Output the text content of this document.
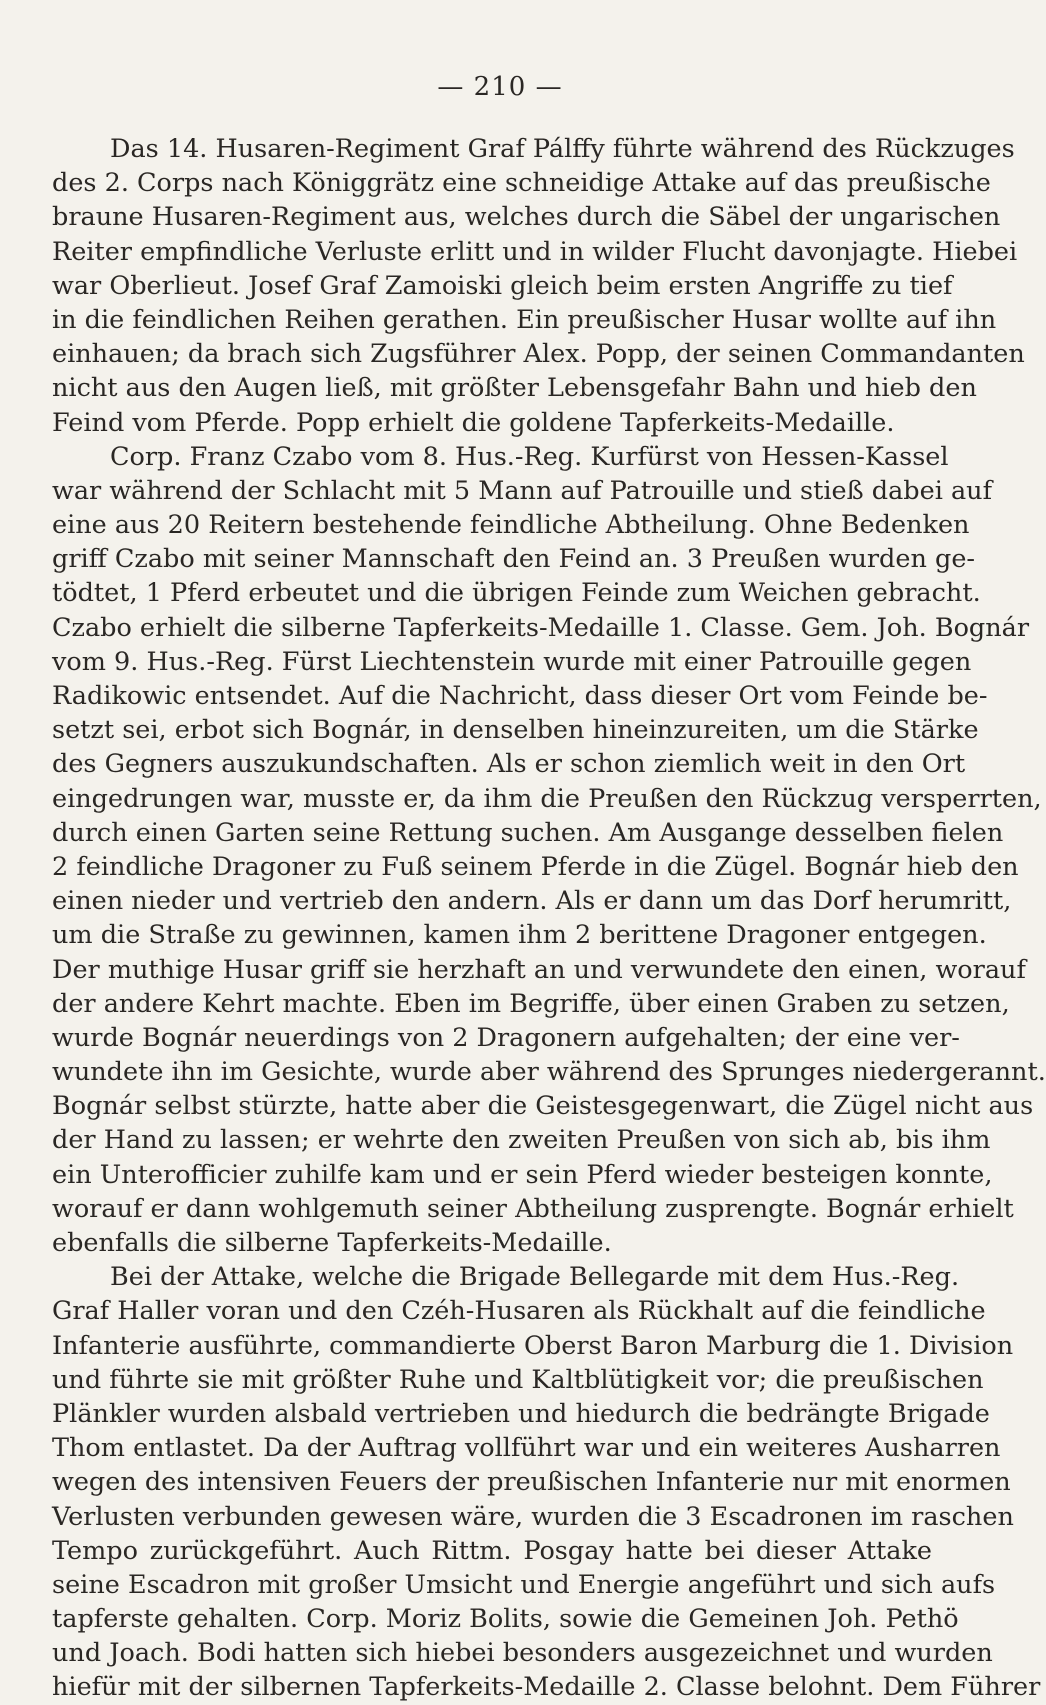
— 210 —
Das 14. Husaren-Regiment Graf Pálffy führte während des Rückzuges
des 2. Corps nach Königgrätz eine schneidige Attake auf das preußische
braune Husaren-Regiment aus, welches durch die Säbel der ungarischen
Reiter empfindliche Verluste erlitt und in wilder Flucht davonjagte. Hiebei
war Oberlieut. Josef Graf Zamoiski gleich beim ersten Angriffe zu tief
in die feindlichen Reihen gerathen. Ein preußischer Husar wollte auf ihn
einhauen; da brach sich Zugsführer Alex. Popp, der seinen Commandanten
nicht aus den Augen ließ, mit größter Lebensgefahr Bahn und hieb den
Feind vom Pferde. Popp erhielt die goldene Tapferkeits-Medaille.
Corp. Franz Czabo vom 8. Hus.-Reg. Kurfürst von Hessen-Kassel
war während der Schlacht mit 5 Mann auf Patrouille und stieß dabei auf
eine aus 20 Reitern bestehende feindliche Abtheilung. Ohne Bedenken
griff Czabo mit seiner Mannschaft den Feind an. 3 Preußen wurden ge-
tödtet, 1 Pferd erbeutet und die übrigen Feinde zum Weichen gebracht.
Czabo erhielt die silberne Tapferkeits-Medaille 1. Classe. Gem. Joh. Bognár
vom 9. Hus.-Reg. Fürst Liechtenstein wurde mit einer Patrouille gegen
Radikowic entsendet. Auf die Nachricht, dass dieser Ort vom Feinde be-
setzt sei, erbot sich Bognár, in denselben hineinzureiten, um die Stärke
des Gegners auszukundschaften. Als er schon ziemlich weit in den Ort
eingedrungen war, musste er, da ihm die Preußen den Rückzug versperrten,
durch einen Garten seine Rettung suchen. Am Ausgange desselben fielen
2 feindliche Dragoner zu Fuß seinem Pferde in die Zügel. Bognár hieb den
einen nieder und vertrieb den andern. Als er dann um das Dorf herumritt,
um die Straße zu gewinnen, kamen ihm 2 berittene Dragoner entgegen.
Der muthige Husar griff sie herzhaft an und verwundete den einen, worauf
der andere Kehrt machte. Eben im Begriffe, über einen Graben zu setzen,
wurde Bognár neuerdings von 2 Dragonern aufgehalten; der eine ver-
wundete ihn im Gesichte, wurde aber während des Sprunges niedergerannt.
Bognár selbst stürzte, hatte aber die Geistesgegenwart, die Zügel nicht aus
der Hand zu lassen; er wehrte den zweiten Preußen von sich ab, bis ihm
ein Unterofficier zuhilfe kam und er sein Pferd wieder besteigen konnte,
worauf er dann wohlgemuth seiner Abtheilung zusprengte. Bognár erhielt
ebenfalls die silberne Tapferkeits-Medaille.
Bei der Attake, welche die Brigade Bellegarde mit dem Hus.-Reg.
Graf Haller voran und den Czéh-Husaren als Rückhalt auf die feindliche
Infanterie ausführte, commandierte Oberst Baron Marburg die 1. Division
und führte sie mit größter Ruhe und Kaltblütigkeit vor; die preußischen
Plänkler wurden alsbald vertrieben und hiedurch die bedrängte Brigade
Thom entlastet. Da der Auftrag vollführt war und ein weiteres Ausharren
wegen des intensiven Feuers der preußischen Infanterie nur mit enormen
Verlusten verbunden gewesen wäre, wurden die 3 Escadronen im raschen
Tempo zurückgeführt. Auch Rittm. Posgay hatte bei dieser Attake
seine Escadron mit großer Umsicht und Energie angeführt und sich aufs
tapferste gehalten. Corp. Moriz Bolits, sowie die Gemeinen Joh. Pethö
und Joach. Bodi hatten sich hiebei besonders ausgezeichnet und wurden
hiefür mit der silbernen Tapferkeits-Medaille 2. Classe belohnt. Dem Führer
